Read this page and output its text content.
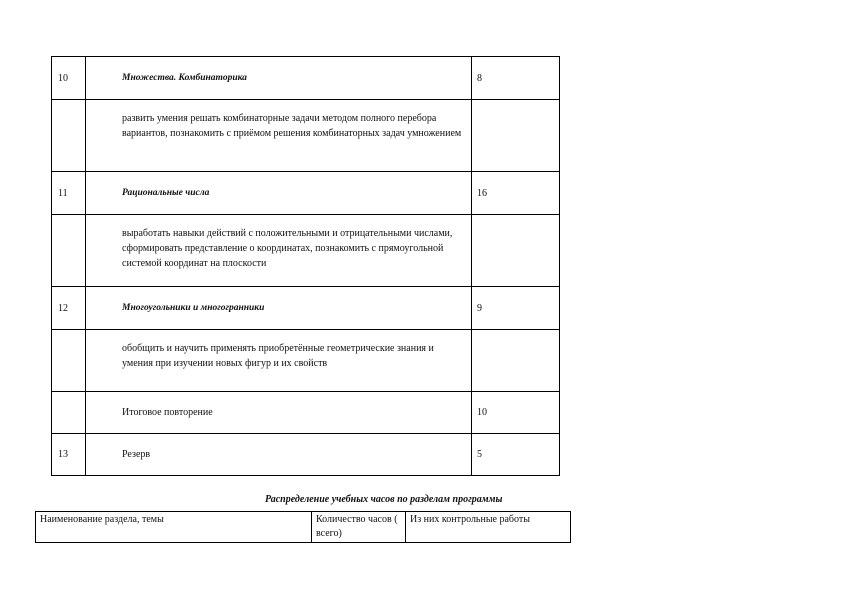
10	Множества. Комбинаторика	8
	развить умения решать комбинаторные задачи методом полного перебора вариантов, познакомить с приёмом решения комбинаторных задач умножением	
11	Рациональные числа	16
	выработать навыки действий с положительными и отрицательными числами, сформировать представление о координатах, познакомить с прямоугольной системой координат на плоскости	
12	Многоугольники и многогранники	9
	обобщить и научить применять приобретённые геометрические знания и умения при изучении новых фигур и их свойств	
	Итоговое повторение	10
13	Резерв	5
Распределение учебных часов по разделам программы
Наименование раздела, темы	Количество часов ( всего)	Из них контрольные работы
